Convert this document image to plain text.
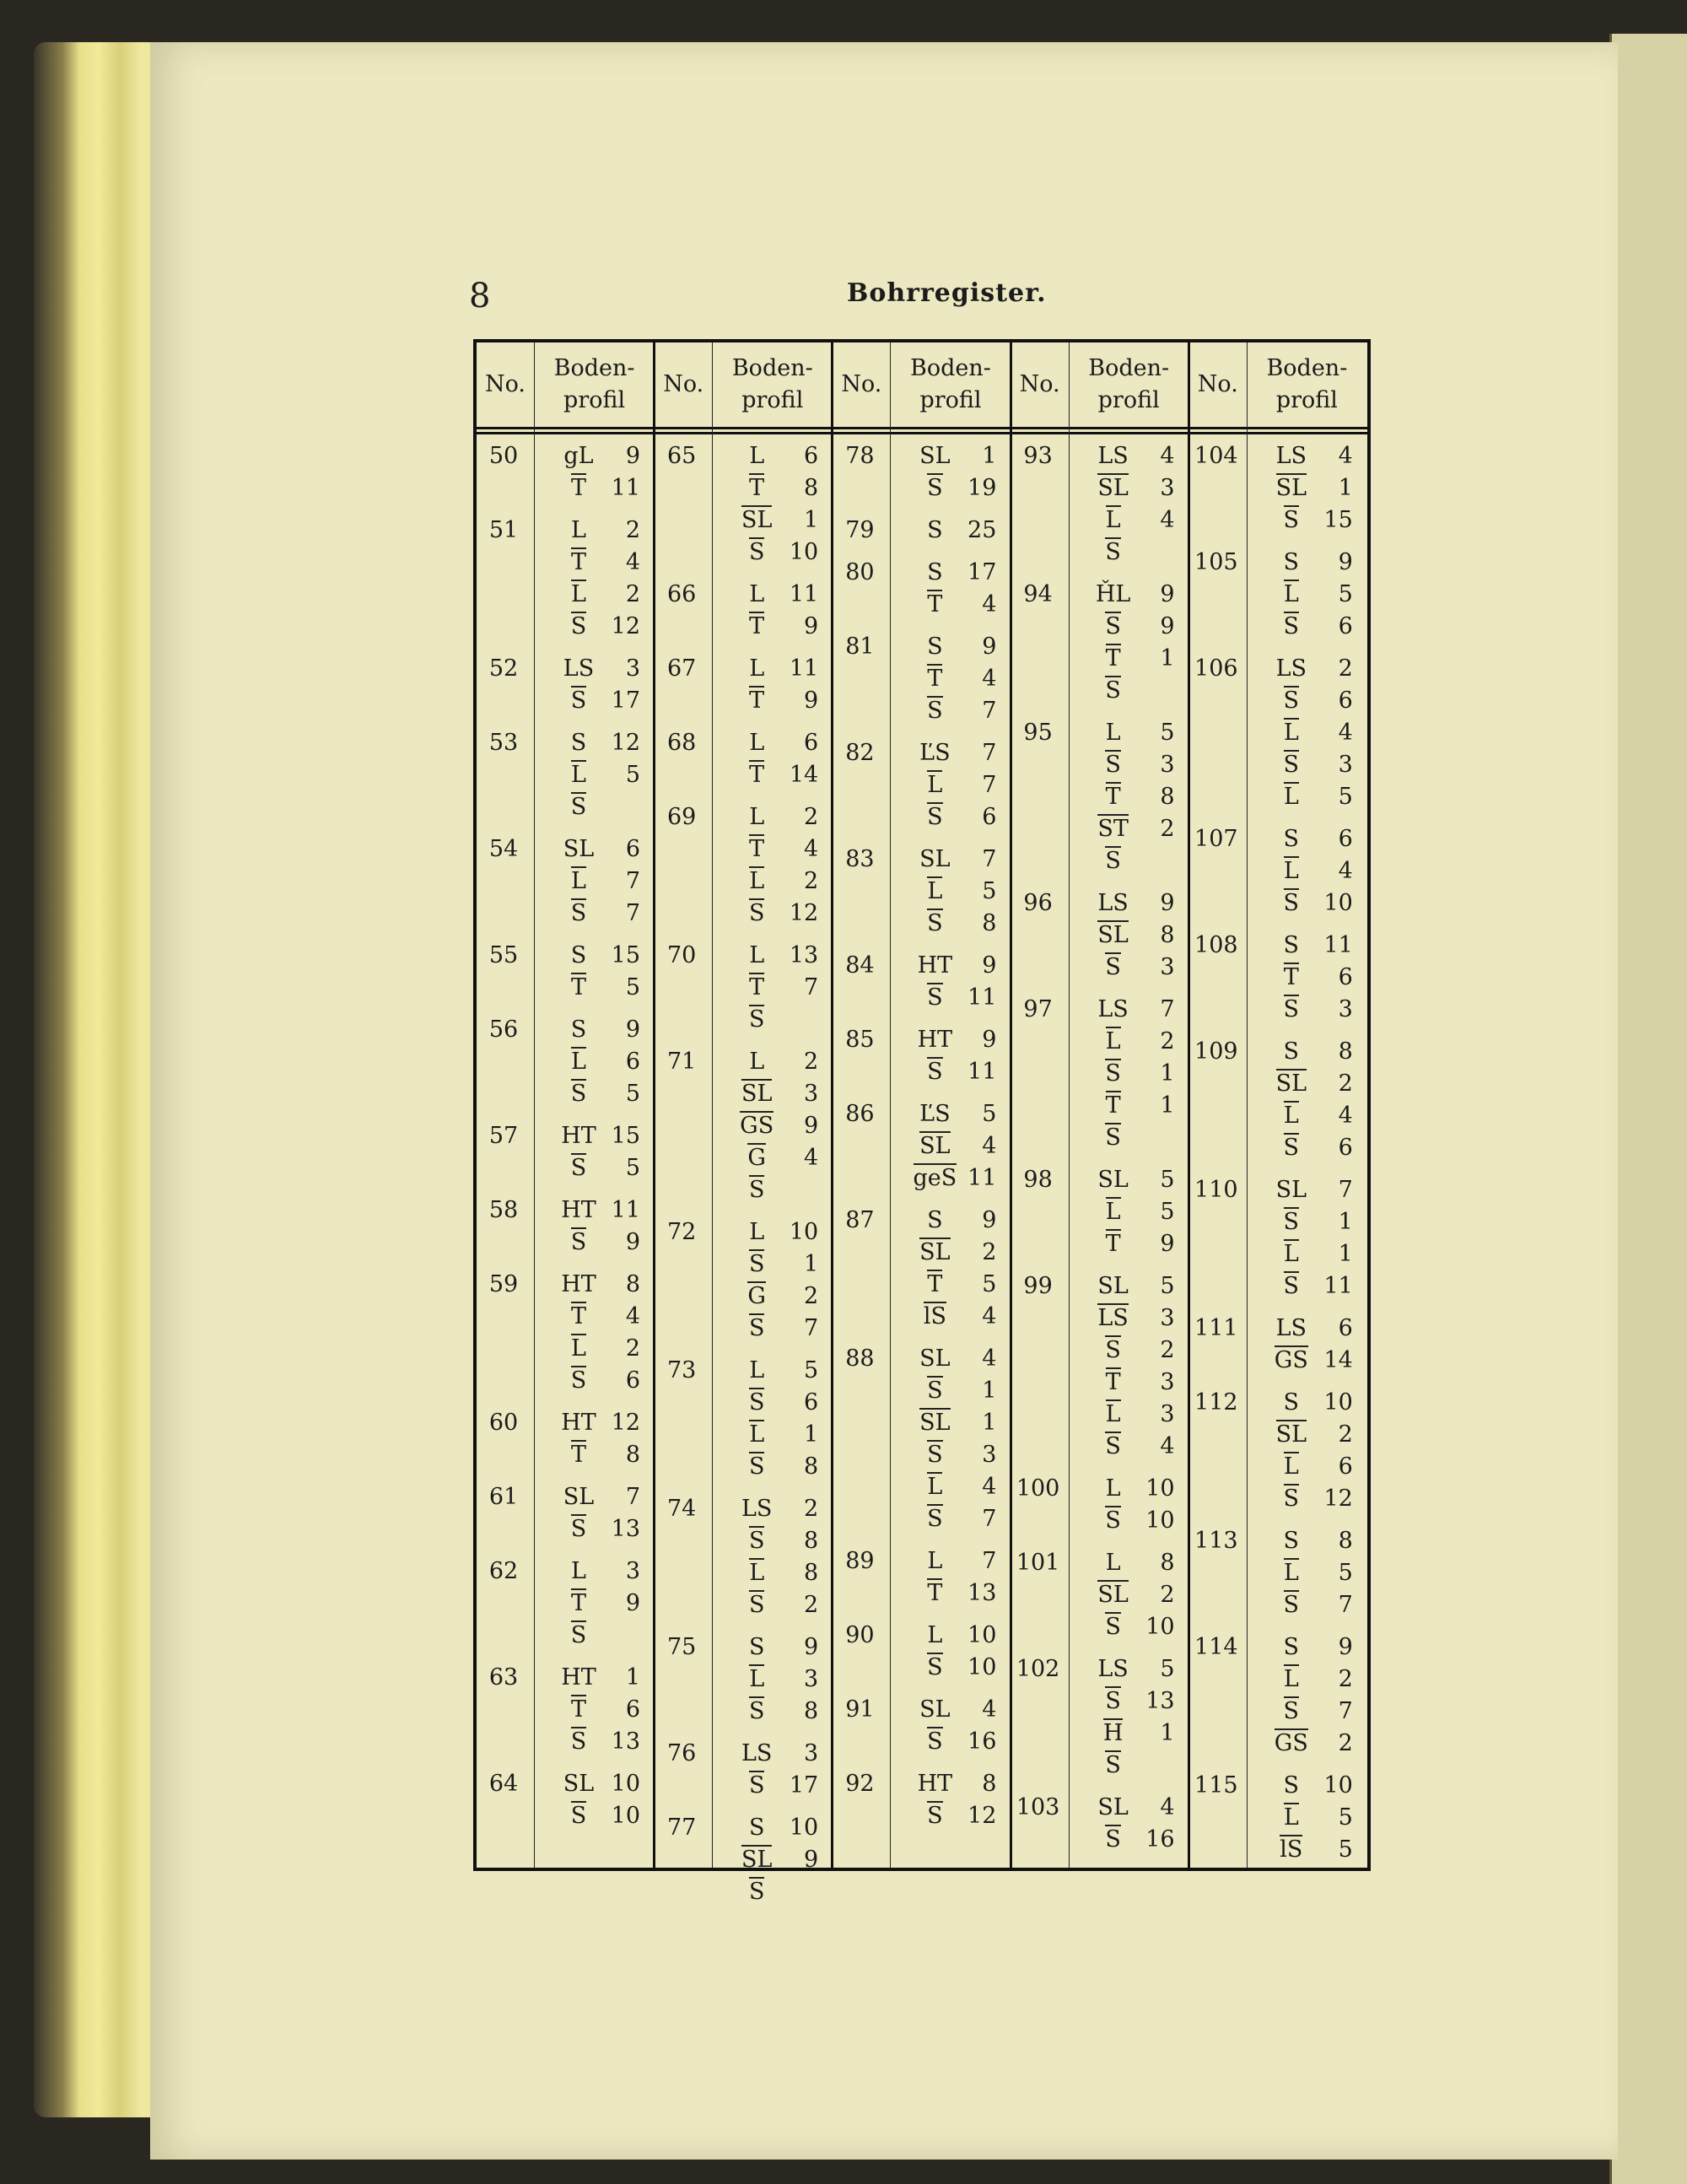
8	Bohrregister.
No.
Boden-
profil
50	gL 9
T 11
51	L 2
T 4
L 2
S 12
52	LS 3
S 17
53	S 12
L 5
S
54	SL 6
L 7
S 7
55	S 15
T 5
56	S 9
L 6
S 5
57	HT 15
S 5
58	HT 11
S 9
59	HT 8
T 4
L 2
S 6
60	HT 12
T 8
61	SL 7
S 13
62	L 3
T 9
S
63	HT 1
T 6
S 13
64	SL 10
S 10
No.
Boden-
profil
65	L 6
T 8
SL 1
S 10
66	L 11
T 9
67	L 11
T 9
68	L 6
T 14
69	L 2
T 4
L 2
S 12
70	L 13
T 7
S
71	L 2
SL 3
GS 9
G 4
S
72	L 10
S 1
G 2
S 7
73	L 5
S 6
L 1
S 8
74	LS 2
S 8
L 8
S 2
75	S 9
L 3
S 8
76	LS 3
S 17
77	S 10
SL 9
S
No.
Boden-
profil
78	SL 1
S 19
79	S 25
80	S 17
T 4
81	S 9
T 4
S 7
82	ĽS 7
L 7
S 6
83	SL 7
L 5
S 8
84	HT 9
S 11
85	HT 9
S 11
86	ĽS 5
SL 4
geS 11
87	S 9
SL 2
T 5
lS 4
88	SL 4
S 1
SL 1
S 3
L 4
S 7
89	L 7
T 13
90	L 10
S 10
91	SL 4
S 16
92	HT 8
S 12
No.
Boden-
profil
93	LS 4
SL 3
L 4
S
94	ȞL 9
S 9
T 1
S
95	L 5
S 3
T 8
ST 2
S
96	LS 9
SL 8
S 3
97	LS 7
L 2
S 1
T 1
S
98	SL 5
L 5
T 9
99	SL 5
LS 3
S 2
T 3
L 3
S 4
100	L 10
S 10
101	L 8
SL 2
S 10
102	LS 5
S 13
H 1
S
103	SL 4
S 16
No.
Boden-
profil
104	LS 4
SL 1
S 15
105	S 9
L 5
S 6
106	LS 2
S 6
L 4
S 3
L 5
107	S 6
L 4
S 10
108	S 11
T 6
S 3
109	S 8
SL 2
L 4
S 6
110	SL 7
S 1
L 1
S 11
111	LS 6
GS 14
112	S 10
SL 2
L 6
S 12
113	S 8
L 5
S 7
114	S 9
L 2
S 7
GS 2
115	S 10
L 5
lS 5
